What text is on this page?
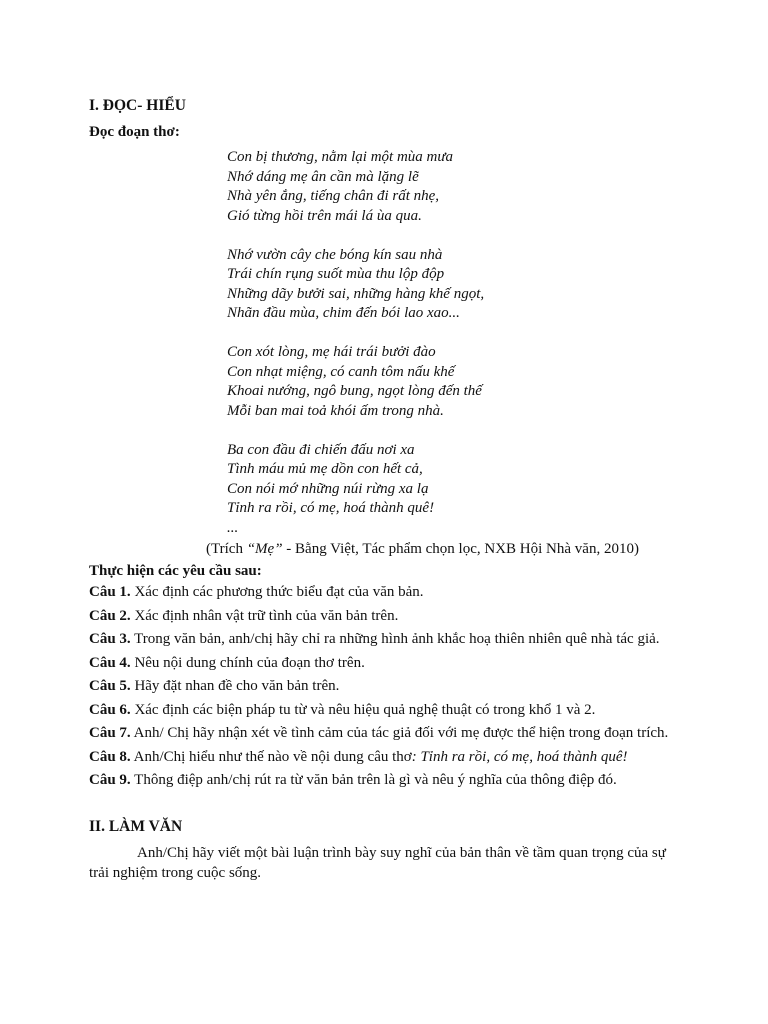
I. ĐỌC- HIỂU
Đọc đoạn thơ:
Con bị thương, nằm lại một mùa mưa
Nhớ dáng mẹ ân cần mà lặng lẽ
Nhà yên ắng, tiếng chân đi rất nhẹ,
Gió từng hồi trên mái lá ùa qua.
Nhớ vườn cây che bóng kín sau nhà
Trái chín rụng suốt mùa thu lộp độp
Những dãy bưởi sai, những hàng khế ngọt,
Nhãn đầu mùa, chim đến bói lao xao...
Con xót lòng, mẹ hái trái bưởi đào
Con nhạt miệng, có canh tôm nấu khế
Khoai nướng, ngô bung, ngọt lòng đến thế
Mỗi ban mai toả khói ấm trong nhà.
Ba con đầu đi chiến đấu nơi xa
Tình máu mủ mẹ dồn con hết cả,
Con nói mớ những núi rừng xa lạ
Tỉnh ra rồi, có mẹ, hoá thành quê!
...
(Trích “Mẹ” - Bằng Việt, Tác phẩm chọn lọc, NXB Hội Nhà văn, 2010)
Thực hiện các yêu cầu sau:
Câu 1. Xác định các phương thức biểu đạt của văn bản.
Câu 2. Xác định nhân vật trữ tình của văn bản trên.
Câu 3. Trong văn bản, anh/chị hãy chỉ ra những hình ảnh khắc hoạ thiên nhiên quê nhà tác giả.
Câu 4. Nêu nội dung chính của đoạn thơ trên.
Câu 5. Hãy đặt nhan đề cho văn bản trên.
Câu 6. Xác định các biện pháp tu từ và nêu hiệu quả nghệ thuật có trong khổ 1 và 2.
Câu 7. Anh/ Chị hãy nhận xét về tình cảm của tác giả đối với mẹ được thể hiện trong đoạn trích.
Câu 8. Anh/Chị hiểu như thế nào về nội dung câu thơ: Tỉnh ra rồi, có mẹ, hoá thành quê!
Câu 9. Thông điệp anh/chị rút ra từ văn bản trên là gì và nêu ý nghĩa của thông điệp đó.
II. LÀM VĂN
Anh/Chị hãy viết một bài luận trình bày suy nghĩ của bản thân về tầm quan trọng của sự trải nghiệm trong cuộc sống.
